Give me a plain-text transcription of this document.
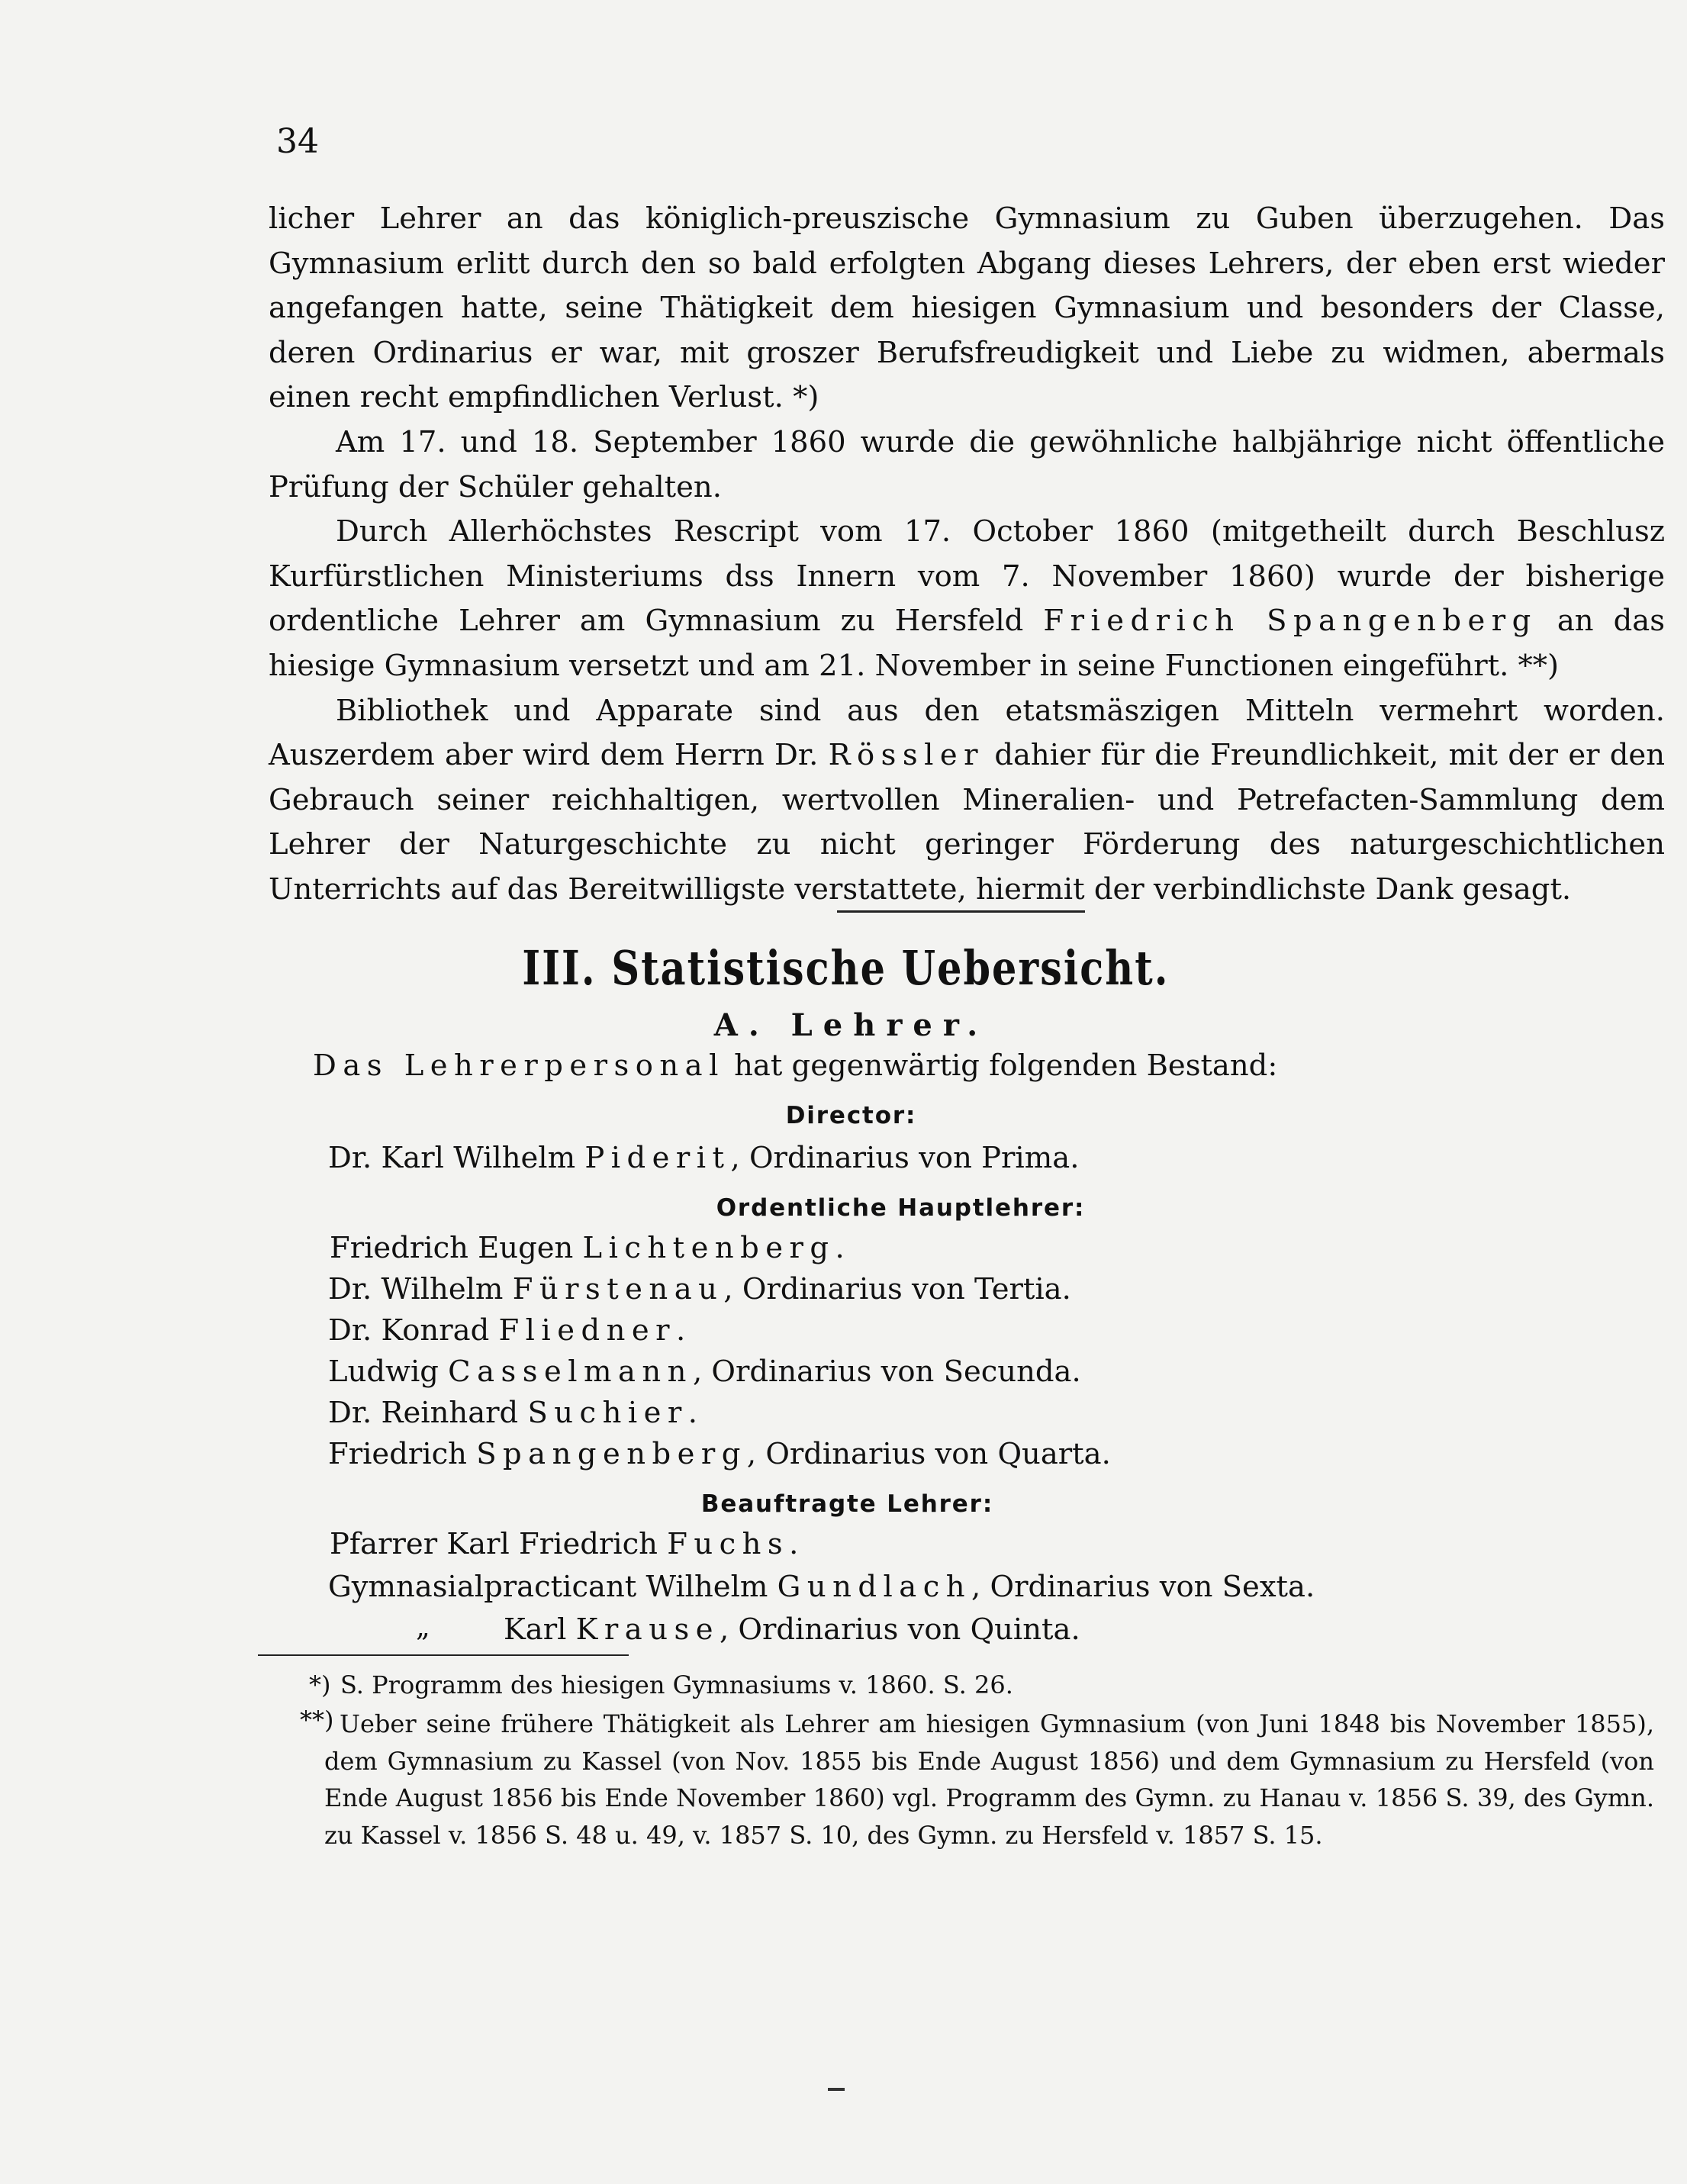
34

licher Lehrer an das königlich-preuszische Gymnasium zu Guben überzugehen. Das Gymnasium erlitt durch den so bald erfolgten Abgang dieses Lehrers, der eben erst wieder angefangen hatte, seine Thätigkeit dem hiesigen Gymnasium und besonders der Classe, deren Ordinarius er war, mit groszer Berufsfreudigkeit und Liebe zu widmen, abermals einen recht empfindlichen Verlust. *)

Am 17. und 18. September 1860 wurde die gewöhnliche halbjährige nicht öffentliche Prüfung der Schüler gehalten.

Durch Allerhöchstes Rescript vom 17. October 1860 (mitgetheilt durch Beschlusz Kurfürstlichen Ministeriums dss Innern vom 7. November 1860) wurde der bisherige ordentliche Lehrer am Gymnasium zu Hersfeld Friedrich Spangenberg an das hiesige Gymnasium versetzt und am 21. November in seine Functionen eingeführt. **)

Bibliothek und Apparate sind aus den etatsmäszigen Mitteln vermehrt worden. Auszerdem aber wird dem Herrn Dr. Rössler dahier für die Freundlichkeit, mit der er den Gebrauch seiner reichhaltigen, wertvollen Mineralien- und Petrefacten-Sammlung dem Lehrer der Naturgeschichte zu nicht geringer Förderung des naturgeschichtlichen Unterrichts auf das Bereitwilligste verstattete, hiermit der verbindlichste Dank gesagt.

III. Statistische Uebersicht.
A. Lehrer.
Das Lehrerpersonal hat gegenwärtig folgenden Bestand:
Director:
Dr. Karl Wilhelm Piderit, Ordinarius von Prima.
Ordentliche Hauptlehrer:
Friedrich Eugen Lichtenberg.
Dr. Wilhelm Fürstenau, Ordinarius von Tertia.
Dr. Konrad Fliedner.
Ludwig Casselmann, Ordinarius von Secunda.
Dr. Reinhard Suchier.
Friedrich Spangenberg, Ordinarius von Quarta.
Beauftragte Lehrer:
Pfarrer Karl Friedrich Fuchs.
Gymnasialpracticant Wilhelm Gundlach, Ordinarius von Sexta.
„	Karl Krause, Ordinarius von Quinta.
*) S. Programm des hiesigen Gymnasiums v. 1860. S. 26.
**) Ueber seine frühere Thätigkeit als Lehrer am hiesigen Gymnasium (von Juni 1848 bis November 1855), dem Gymnasium zu Kassel (von Nov. 1855 bis Ende August 1856) und dem Gymnasium zu Hersfeld (von Ende August 1856 bis Ende November 1860) vgl. Programm des Gymn. zu Hanau v. 1856 S. 39, des Gymn. zu Kassel v. 1856 S. 48 u. 49, v. 1857 S. 10, des Gymn. zu Hersfeld v. 1857 S. 15.
